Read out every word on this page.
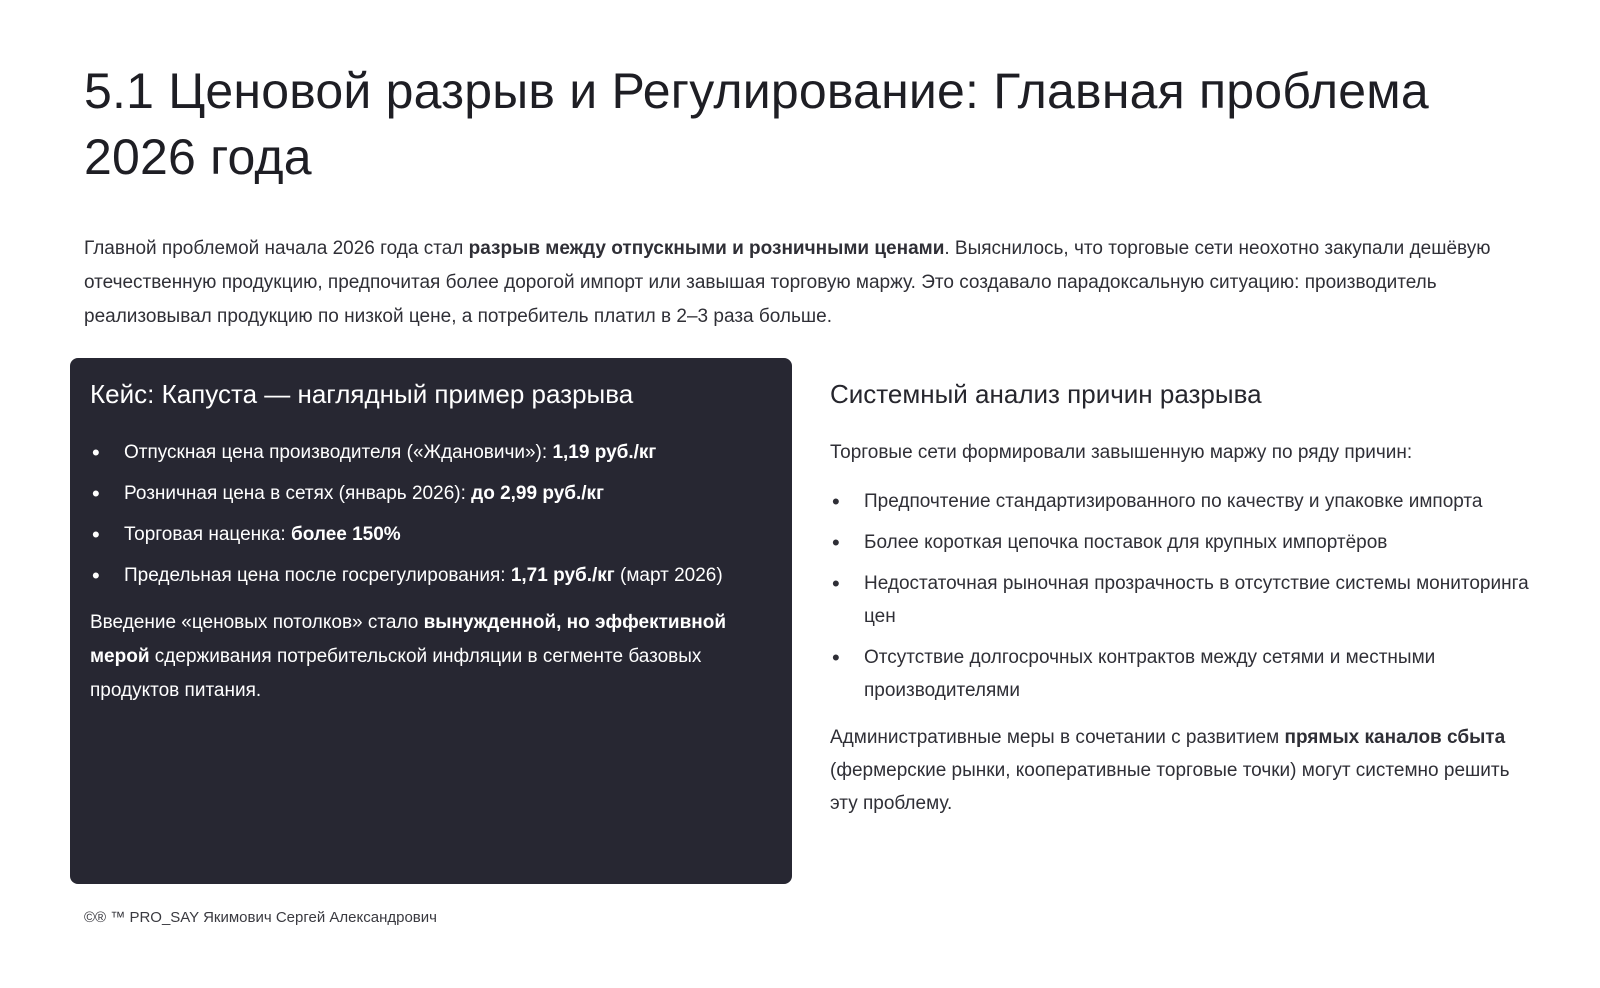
5.1 Ценовой разрыв и Регулирование: Главная проблема 2026 года

Главной проблемой начала 2026 года стал разрыв между отпускными и розничными ценами. Выяснилось, что торговые сети неохотно закупали дешёвую отечественную продукцию, предпочитая более дорогой импорт или завышая торговую маржу. Это создавало парадоксальную ситуацию: производитель реализовывал продукцию по низкой цене, а потребитель платил в 2–3 раза больше.

Кейс: Капуста — наглядный пример разрыва
• Отпускная цена производителя («Ждановичи»): 1,19 руб./кг
• Розничная цена в сетях (январь 2026): до 2,99 руб./кг
• Торговая наценка: более 150%
• Предельная цена после госрегулирования: 1,71 руб./кг (март 2026)

Введение «ценовых потолков» стало вынужденной, но эффективной мерой сдерживания потребительской инфляции в сегменте базовых продуктов питания.

Системный анализ причин разрыва

Торговые сети формировали завышенную маржу по ряду причин:

• Предпочтение стандартизированного по качеству и упаковке импорта
• Более короткая цепочка поставок для крупных импортёров
• Недостаточная рыночная прозрачность в отсутствие системы мониторинга цен
• Отсутствие долгосрочных контрактов между сетями и местными производителями

Административные меры в сочетании с развитием прямых каналов сбыта (фермерские рынки, кооперативные торговые точки) могут системно решить эту проблему.

©® ™ PRO_SAY Якимович Сергей Александрович
